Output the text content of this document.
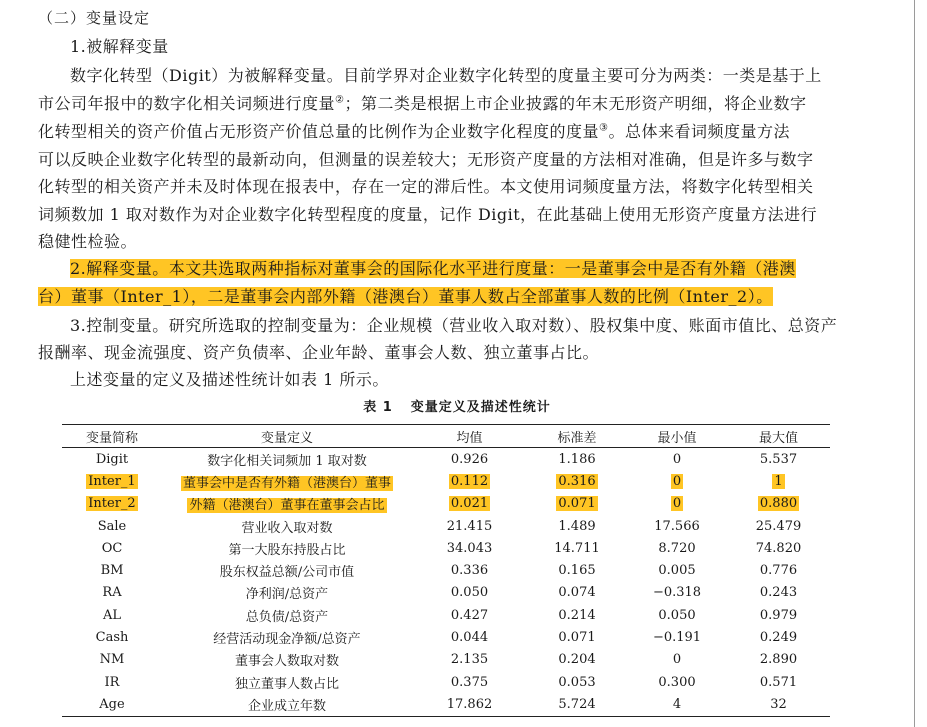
（二）变量设定
1.被解释变量
数字化转型（Digit）为被解释变量。目前学界对企业数字化转型的度量主要可分为两类：一类是基于上
市公司年报中的数字化相关词频进行度量②；第二类是根据上市企业披露的年末无形资产明细，将企业数字
化转型相关的资产价值占无形资产价值总量的比例作为企业数字化程度的度量③。总体来看词频度量方法
可以反映企业数字化转型的最新动向，但测量的误差较大；无形资产度量的方法相对准确，但是许多与数字
化转型的相关资产并未及时体现在报表中，存在一定的滞后性。本文使用词频度量方法，将数字化转型相关
词频数加 1 取对数作为对企业数字化转型程度的度量，记作 Digit，在此基础上使用无形资产度量方法进行
稳健性检验。
2.解释变量。本文共选取两种指标对董事会的国际化水平进行度量：一是董事会中是否有外籍（港澳
台）董事（Inter_1），二是董事会内部外籍（港澳台）董事人数占全部董事人数的比例（Inter_2）。
3.控制变量。研究所选取的控制变量为：企业规模（营业收入取对数）、股权集中度、账面市值比、总资产
报酬率、现金流强度、资产负债率、企业年龄、董事会人数、独立董事占比。
上述变量的定义及描述性统计如表 1 所示。
表 1 变量定义及描述性统计
变量简称	变量定义	均值	标准差	最小值	最大值
Digit	数字化相关词频加 1 取对数	0.926	1.186	0	5.537
Inter_1	董事会中是否有外籍（港澳台）董事	0.112	0.316	0	1
Inter_2	外籍（港澳台）董事在董事会占比	0.021	0.071	0	0.880
Sale	营业收入取对数	21.415	1.489	17.566	25.479
OC	第一大股东持股占比	34.043	14.711	8.720	74.820
BM	股东权益总额/公司市值	0.336	0.165	0.005	0.776
RA	净利润/总资产	0.050	0.074	−0.318	0.243
AL	总负债/总资产	0.427	0.214	0.050	0.979
Cash	经营活动现金净额/总资产	0.044	0.071	−0.191	0.249
NM	董事会人数取对数	2.135	0.204	0	2.890
IR	独立董事人数占比	0.375	0.053	0.300	0.571
Age	企业成立年数	17.862	5.724	4	32
